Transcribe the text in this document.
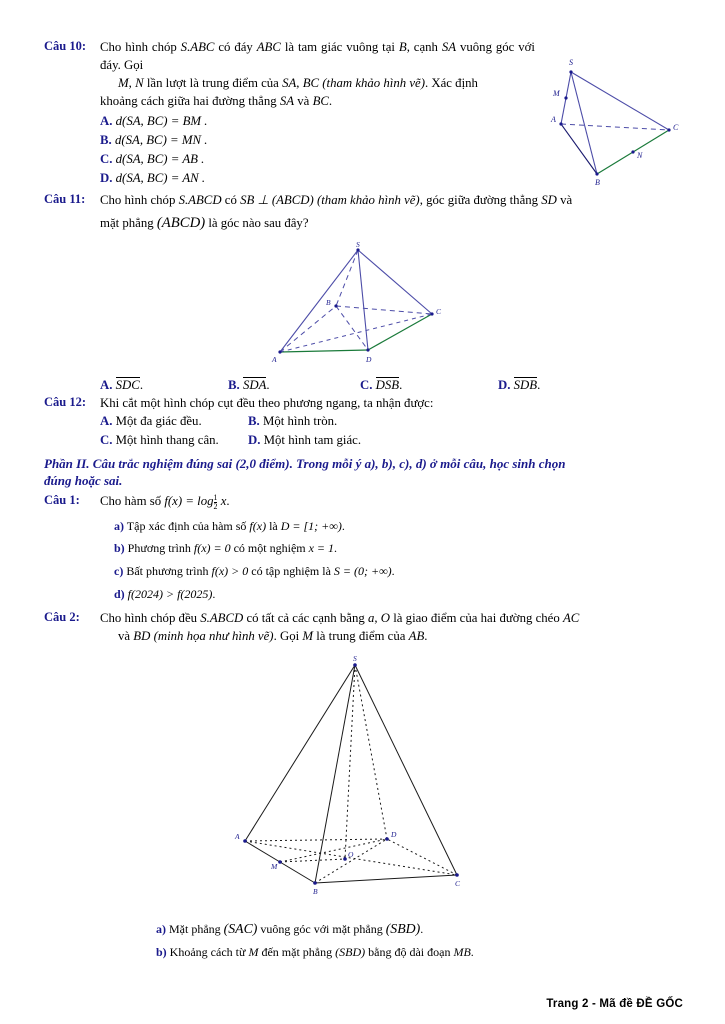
Câu 10:	Cho hình chóp S.ABC có đáy ABC là tam giác vuông tại B, cạnh SA vuông góc với đáy. Gọi
M, N lần lượt là trung điểm của SA, BC (tham khảo hình vẽ). Xác định
khoảng cách giữa hai đường thẳng SA và BC.
A. d(SA, BC) = BM .
B. d(SA, BC) = MN .
C. d(SA, BC) = AB .
D. d(SA, BC) = AN .
S
M
A
C
N
B
Câu 11:	Cho hình chóp S.ABCD có SB ⊥ (ABCD) (tham khảo hình vẽ), góc giữa đường thẳng SD và
mặt phẳng (ABCD) là góc nào sau đây?
S
B
C
A	D
A. SDC.	B. SDA.	C. DSB.	D. SDB.
Câu 12:	Khi cắt một hình chóp cụt đều theo phương ngang, ta nhận được:
A. Một đa giác đều.	B. Một hình tròn.
C. Một hình thang cân.	D. Một hình tam giác.
Phần II. Câu trắc nghiệm đúng sai (2,0 điểm). Trong mỗi ý a), b), c), d) ở mỗi câu, học sinh chọn
đúng hoặc sai.
Câu 1:	Cho hàm số $f(x) = \log \frac{1}{2} x$.
a) Tập xác định của hàm số f(x) là D = [1; +∞).
b) Phương trình f(x) = 0 có một nghiệm x = 1.
c) Bất phương trình f(x) > 0 có tập nghiệm là S = (0; +∞).
d) f(2024) > f(2025).
Câu 2:	Cho hình chóp đều S.ABCD có tất cả các cạnh bằng a, O là giao điểm của hai đường chéo AC
và BD (minh họa như hình vẽ). Gọi M là trung điểm của AB.
S
A	D
O
M
B
C
a) Mặt phẳng (SAC) vuông góc với mặt phẳng (SBD).
b) Khoảng cách từ M đến mặt phẳng (SBD) bằng độ dài đoạn MB.
Trang 2 - Mã đề ĐỀ GỐC
